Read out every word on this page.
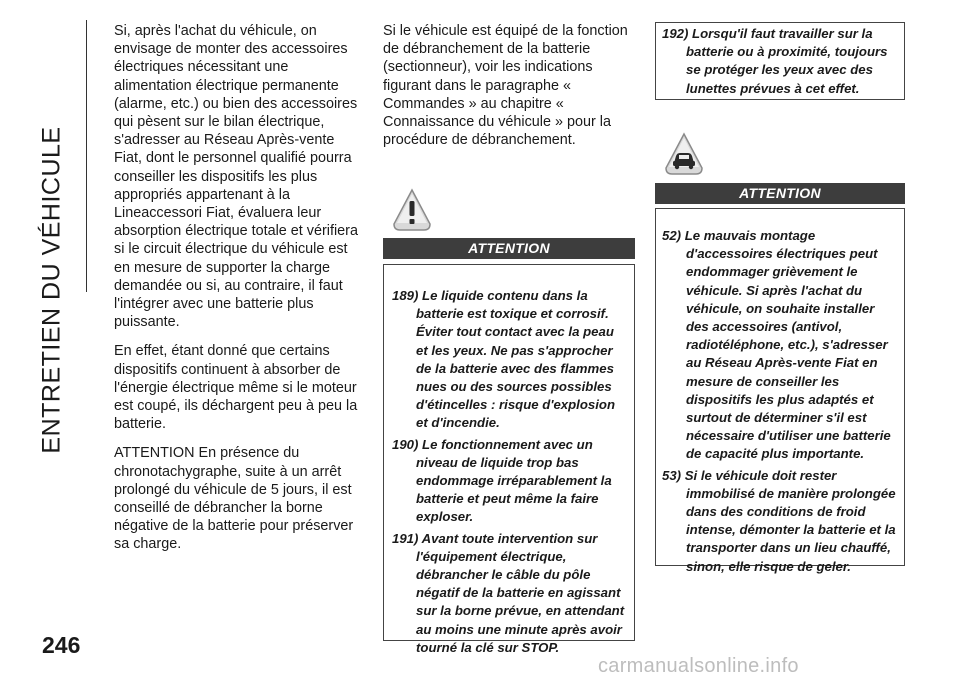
ENTRETIEN DU VÉHICULE
246
carmanualsonline.info

Si, après l'achat du véhicule, on envisage de monter des accessoires électriques nécessitant une alimentation électrique permanente (alarme, etc.) ou bien des accessoires qui pèsent sur le bilan électrique, s'adresser au Réseau Après-vente Fiat, dont le personnel qualifié pourra conseiller les dispositifs les plus appropriés appartenant à la Lineaccessori Fiat, évaluera leur absorption électrique totale et vérifiera si le circuit électrique du véhicule est en mesure de supporter la charge demandée ou si, au contraire, il faut l'intégrer avec une batterie plus puissante.

En effet, étant donné que certains dispositifs continuent à absorber de l'énergie électrique même si le moteur est coupé, ils déchargent peu à peu la batterie.

ATTENTION En présence du chronotachygraphe, suite à un arrêt prolongé du véhicule de 5 jours, il est conseillé de débrancher la borne négative de la batterie pour préserver sa charge.

Si le véhicule est équipé de la fonction de débranchement de la batterie (sectionneur), voir les indications figurant dans le paragraphe « Commandes » au chapitre « Connaissance du véhicule » pour la procédure de débranchement.

ATTENTION

189) Le liquide contenu dans la batterie est toxique et corrosif. Éviter tout contact avec la peau et les yeux. Ne pas s'approcher de la batterie avec des flammes nues ou des sources possibles d'étincelles : risque d'explosion et d'incendie.

190) Le fonctionnement avec un niveau de liquide trop bas endommage irréparablement la batterie et peut même la faire exploser.

191) Avant toute intervention sur l'équipement électrique, débrancher le câble du pôle négatif de la batterie en agissant sur la borne prévue, en attendant au moins une minute après avoir tourné la clé sur STOP.

192) Lorsqu'il faut travailler sur la batterie ou à proximité, toujours se protéger les yeux avec des lunettes prévues à cet effet.

ATTENTION

52) Le mauvais montage d'accessoires électriques peut endommager grièvement le véhicule. Si après l'achat du véhicule, on souhaite installer des accessoires (antivol, radiotéléphone, etc.), s'adresser au Réseau Après-vente Fiat en mesure de conseiller les dispositifs les plus adaptés et surtout de déterminer s'il est nécessaire d'utiliser une batterie de capacité plus importante.

53) Si le véhicule doit rester immobilisé de manière prolongée dans des conditions de froid intense, démonter la batterie et la transporter dans un lieu chauffé, sinon, elle risque de geler.
